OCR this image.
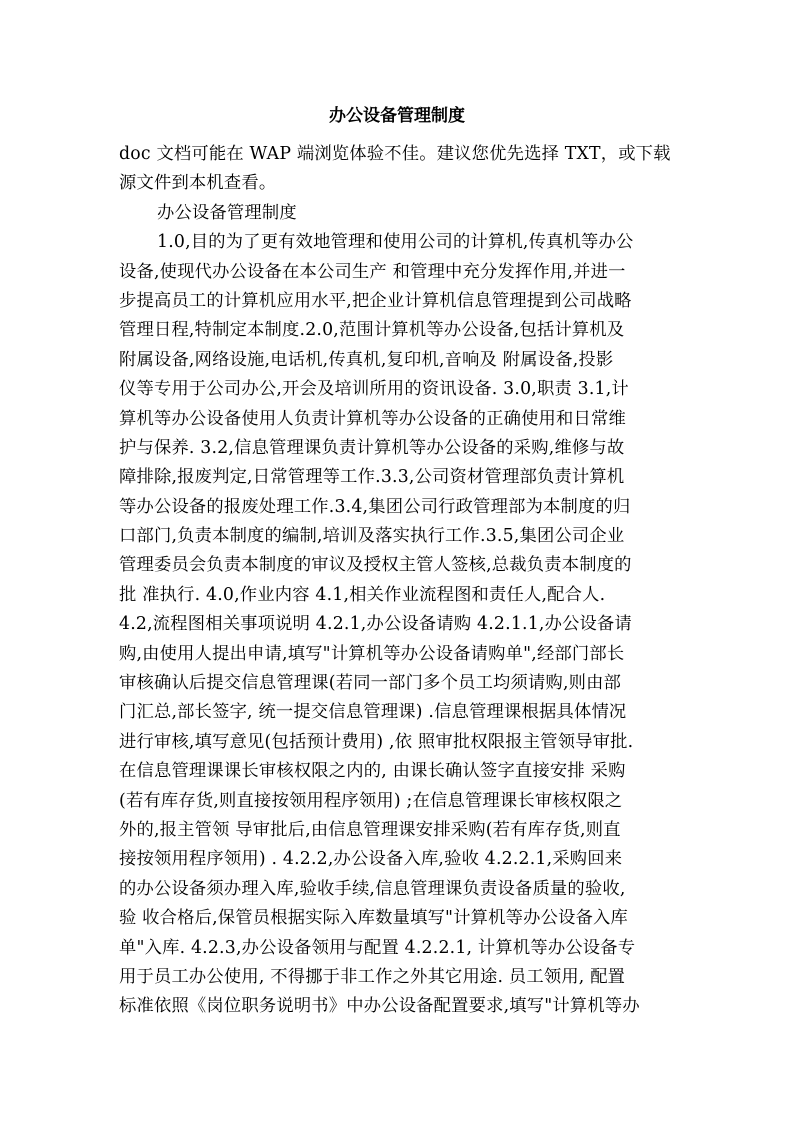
办公设备管理制度
doc 文档可能在 WAP 端浏览体验不佳。建议您优先选择 TXT，或下载
源文件到本机查看。
办公设备管理制度
1.0,目的为了更有效地管理和使用公司的计算机,传真机等办公
设备,使现代办公设备在本公司生产 和管理中充分发挥作用,并进一
步提高员工的计算机应用水平,把企业计算机信息管理提到公司战略
管理日程,特制定本制度.2.0,范围计算机等办公设备,包括计算机及
附属设备,网络设施,电话机,传真机,复印机,音响及 附属设备,投影
仪等专用于公司办公,开会及培训所用的资讯设备. 3.0,职责 3.1,计
算机等办公设备使用人负责计算机等办公设备的正确使用和日常维
护与保养. 3.2,信息管理课负责计算机等办公设备的采购,维修与故
障排除,报废判定,日常管理等工作.3.3,公司资材管理部负责计算机
等办公设备的报废处理工作.3.4,集团公司行政管理部为本制度的归
口部门,负责本制度的编制,培训及落实执行工作.3.5,集团公司企业
管理委员会负责本制度的审议及授权主管人签核,总裁负责本制度的
批 准执行. 4.0,作业内容 4.1,相关作业流程图和责任人,配合人.
4.2,流程图相关事项说明 4.2.1,办公设备请购 4.2.1.1,办公设备请
购,由使用人提出申请,填写"计算机等办公设备请购单",经部门部长
审核确认后提交信息管理课(若同一部门多个员工均须请购,则由部
门汇总,部长签字, 统一提交信息管理课) .信息管理课根据具体情况
进行审核,填写意见(包括预计费用) ,依 照审批权限报主管领导审批.
在信息管理课课长审核权限之内的, 由课长确认签字直接安排 采购
(若有库存货,则直接按领用程序领用) ;在信息管理课长审核权限之
外的,报主管领 导审批后,由信息管理课安排采购(若有库存货,则直
接按领用程序领用) . 4.2.2,办公设备入库,验收 4.2.2.1,采购回来
的办公设备须办理入库,验收手续,信息管理课负责设备质量的验收,
验 收合格后,保管员根据实际入库数量填写"计算机等办公设备入库
单"入库. 4.2.3,办公设备领用与配置 4.2.2.1, 计算机等办公设备专
用于员工办公使用, 不得挪于非工作之外其它用途. 员工领用, 配置
标准依照《岗位职务说明书》中办公设备配置要求,填写"计算机等办
